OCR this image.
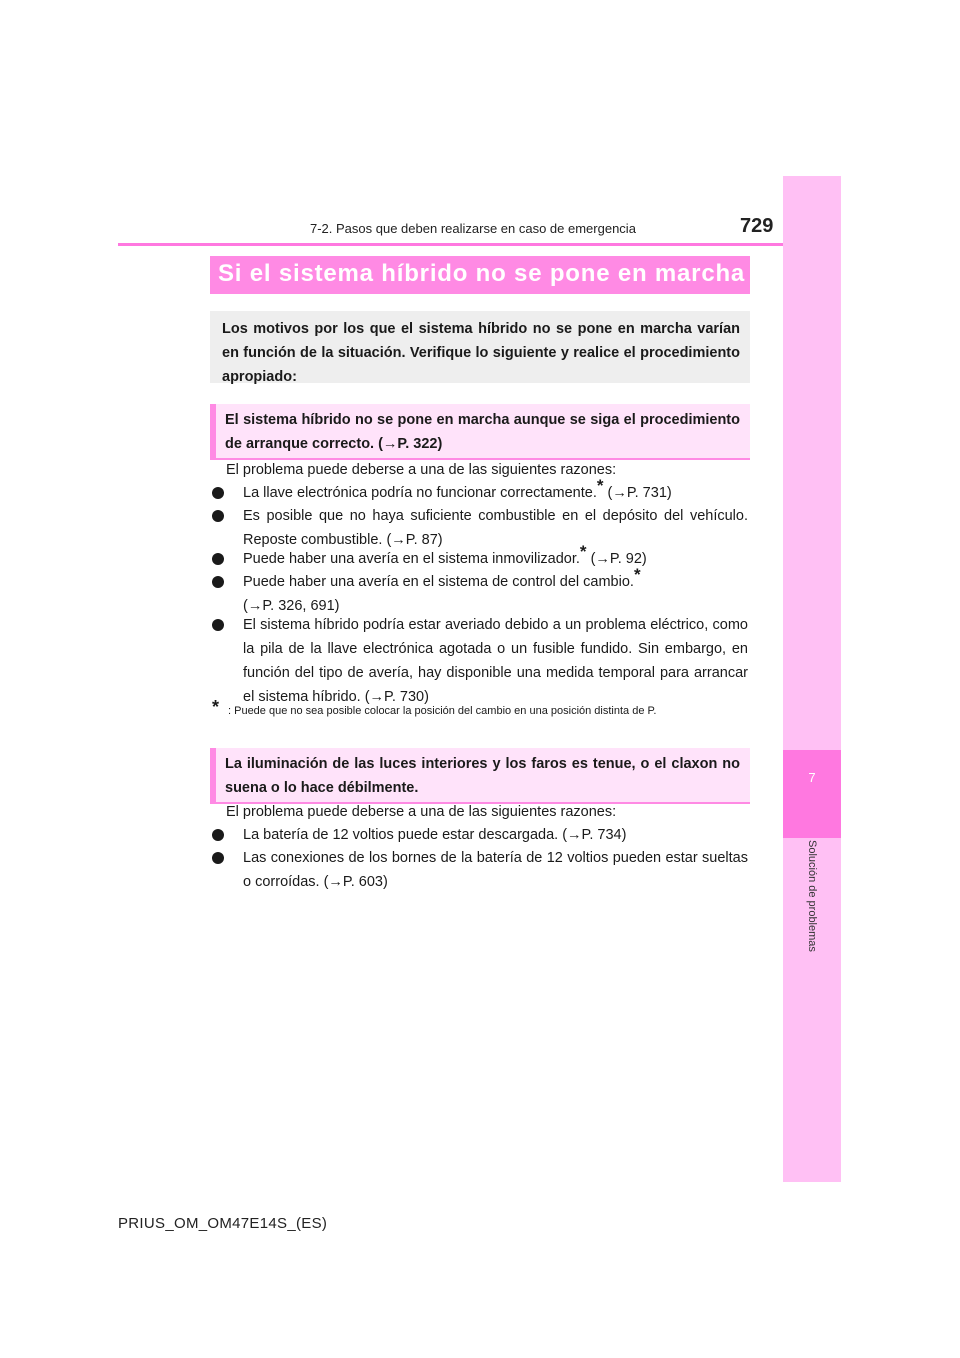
7
Solución de problemas
7-2. Pasos que deben realizarse en caso de emergencia	729
Si el sistema híbrido no se pone en marcha
Los motivos por los que el sistema híbrido no se pone en marcha varían en función de la situación. Verifique lo siguiente y realice el procedimiento apropiado:
El sistema híbrido no se pone en marcha aunque se siga el procedimiento de arranque correcto. (→P. 322)
El problema puede deberse a una de las siguientes razones:
La llave electrónica podría no funcionar correctamente.* (→P. 731)
Es posible que no haya suficiente combustible en el depósito del vehículo. Reposte combustible. (→P. 87)
Puede haber una avería en el sistema inmovilizador.* (→P. 92)
Puede haber una avería en el sistema de control del cambio.*
(→P. 326, 691)
El sistema híbrido podría estar averiado debido a un problema eléctrico, como la pila de la llave electrónica agotada o un fusible fundido. Sin embargo, en función del tipo de avería, hay disponible una medida temporal para arrancar el sistema híbrido. (→P. 730)
* : Puede que no sea posible colocar la posición del cambio en una posición distinta de P.
La iluminación de las luces interiores y los faros es tenue, o el claxon no suena o lo hace débilmente.
El problema puede deberse a una de las siguientes razones:
La batería de 12 voltios puede estar descargada. (→P. 734)
Las conexiones de los bornes de la batería de 12 voltios pueden estar sueltas o corroídas. (→P. 603)
PRIUS_OM_OM47E14S_(ES)
